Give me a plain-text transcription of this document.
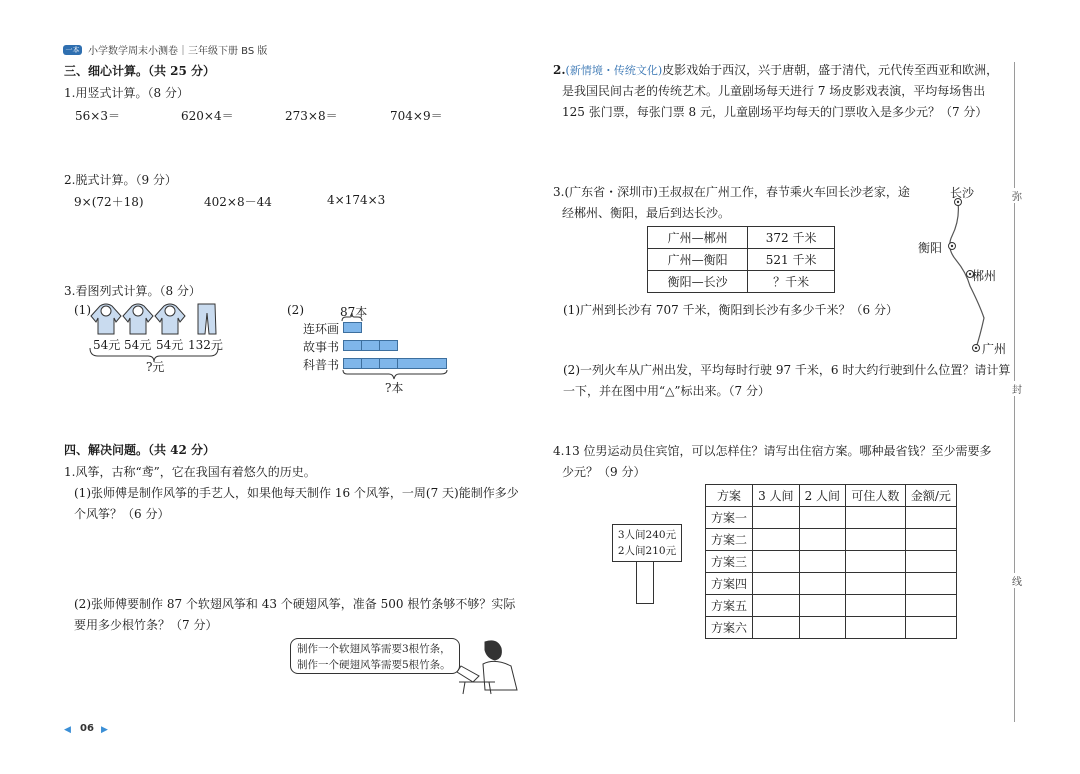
一本 小学数学周末小测卷｜三年级下册 BS 版
三、细心计算。（共 25 分）
1.用竖式计算。（8 分）
56×3＝	620×4＝	273×8＝	704×9＝
2.脱式计算。（9 分）
9×(72＋18)	402×8－44	4×174×3
3.看图列式计算。（8 分）
(1)
54元 54元 54元 132元
?元
(2)	87本
连环画
故事书
科普书
?本
四、解决问题。（共 42 分）
1.风筝，古称“鸢”，它在我国有着悠久的历史。
(1)张师傅是制作风筝的手艺人，如果他每天制作 16 个风筝，一周(7 天)能制作多少
个风筝？（6 分）
(2)张师傅要制作 87 个软翅风筝和 43 个硬翅风筝，准备 500 根竹条够不够？实际
要用多少根竹条？（7 分）
制作一个软翅风筝需要3根竹条，
制作一个硬翅风筝需要5根竹条。
2.(新情境・传统文化)皮影戏始于西汉，兴于唐朝，盛于清代，元代传至西亚和欧洲，
是我国民间古老的传统艺术。儿童剧场每天进行 7 场皮影戏表演，平均每场售出
125 张门票，每张门票 8 元，儿童剧场平均每天的门票收入是多少元？（7 分）
3.(广东省・深圳市)王叔叔在广州工作，春节乘火车回长沙老家，途
经郴州、衡阳，最后到达长沙。
广州—郴州	372 千米
广州—衡阳	521 千米
衡阳—长沙	？千米
长沙
衡阳
郴州
广州
(1)广州到长沙有 707 千米，衡阳到长沙有多少千米？（6 分）
(2)一列火车从广州出发，平均每时行驶 97 千米，6 时大约行驶到什么位置？请计算
一下，并在图中用“△”标出来。（7 分）
4.13 位男运动员住宾馆，可以怎样住？请写出住宿方案。哪种最省钱？至少需要多
少元？（9 分）
3人间240元
2人间210元
方案	3 人间	2 人间	可住人数	金额/元
方案一				
方案二				
方案三				
方案四				
方案五				
方案六				
弥
封
线
◀ 06 ▶
